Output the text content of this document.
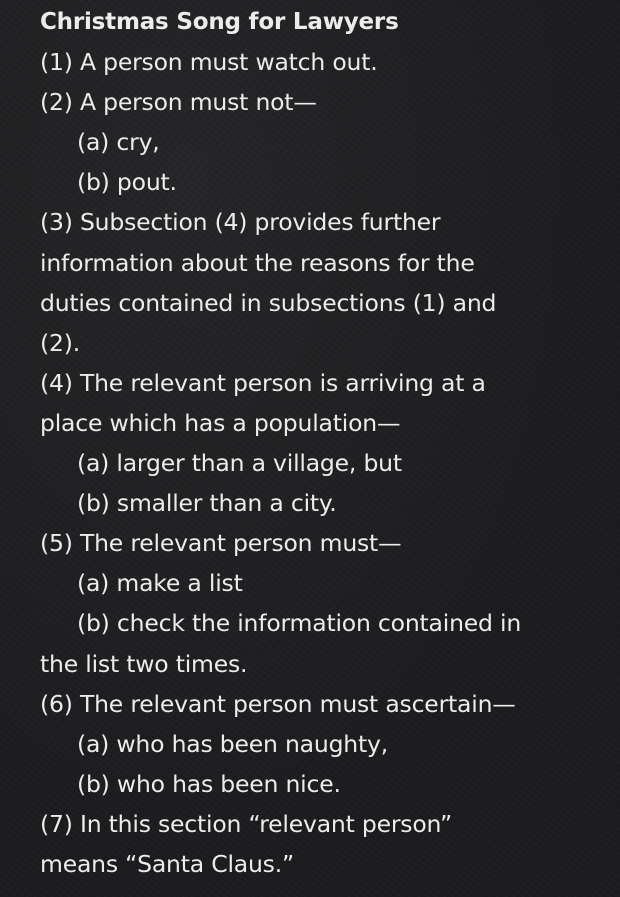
Christmas Song for Lawyers
(1) A person must watch out.
(2) A person must not—
(a) cry,
(b) pout.
(3) Subsection (4) provides further
information about the reasons for the
duties contained in subsections (1) and
(2).
(4) The relevant person is arriving at a
place which has a population—
(a) larger than a village, but
(b) smaller than a city.
(5) The relevant person must—
(a) make a list
(b) check the information contained in
the list two times.
(6) The relevant person must ascertain—
(a) who has been naughty,
(b) who has been nice.
(7) In this section “relevant person”
means “Santa Claus.”
